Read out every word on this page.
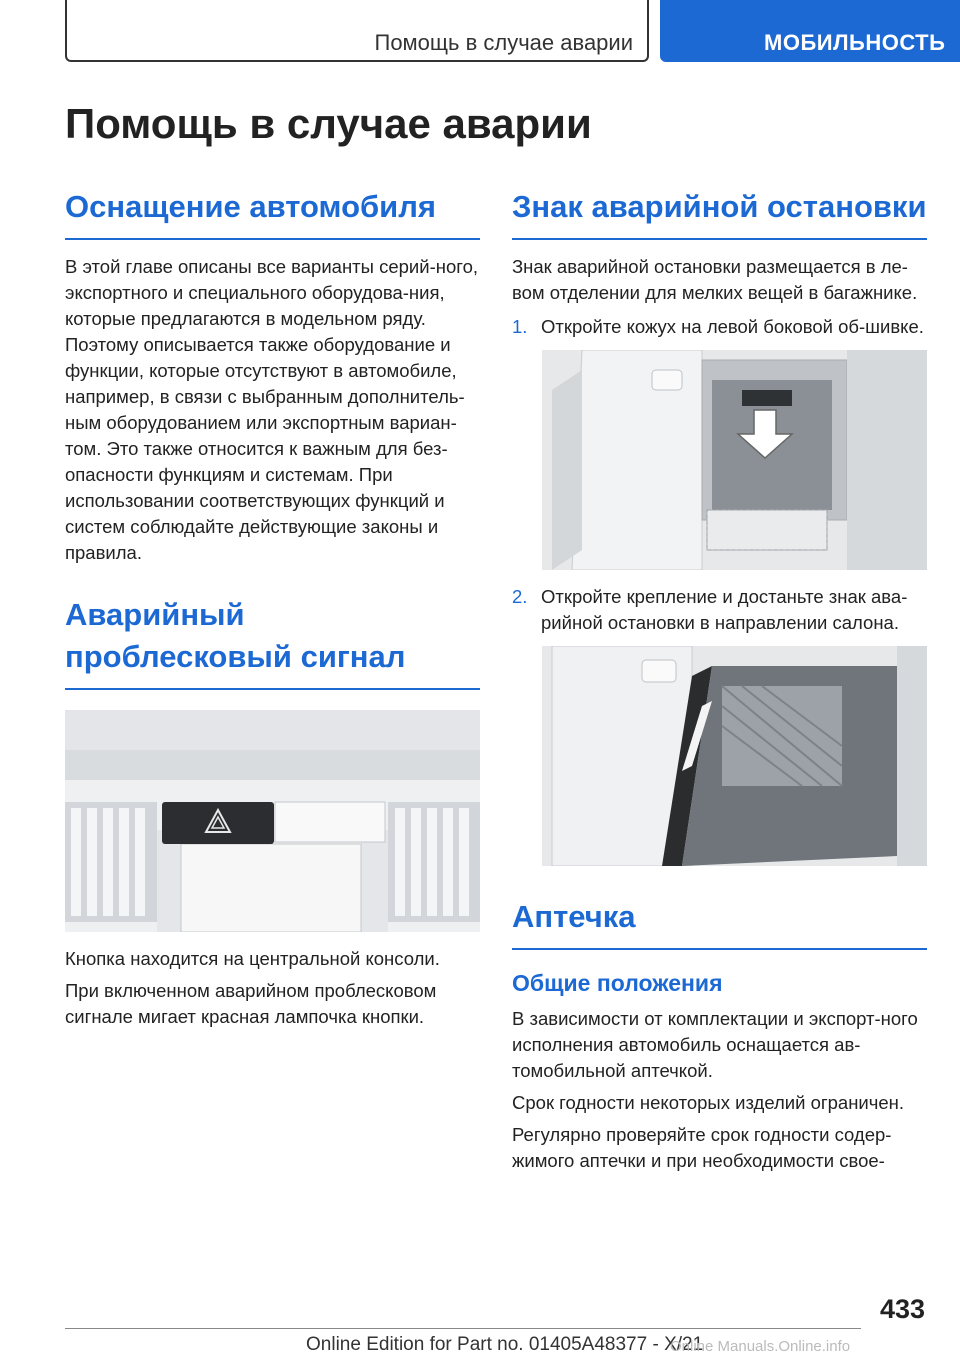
Помощь в случае аварии	МОБИЛЬНОСТЬ
Помощь в случае аварии
Оснащение автомобиля

В этой главе описаны все варианты серий-ного, экспортного и специального оборудова-ния, которые предлагаются в модельном ряду. Поэтому описывается также оборудование и функции, которые отсутствуют в автомобиле, например, в связи с выбранным дополнитель-ным оборудованием или экспортным вариан-том. Это также относится к важным для без-опасности функциям и системам. При использовании соответствующих функций и систем соблюдайте действующие законы и правила.

Аварийный проблесковый сигнал

Кнопка находится на центральной консоли.

При включенном аварийном проблесковом сигнале мигает красная лампочка кнопки.

Знак аварийной остановки

Знак аварийной остановки размещается в ле-вом отделении для мелких вещей в багажнике.

1. Откройте кожух на левой боковой об-шивке.
2. Откройте крепление и достаньте знак ава-рийной остановки в направлении салона.
Аптечка
Общие положения

В зависимости от комплектации и экспорт-ного исполнения автомобиль оснащается ав-томобильной аптечкой.

Срок годности некоторых изделий ограничен.

Регулярно проверяйте срок годности содер-жимого аптечки и при необходимости свое-

433
Online Edition for Part no. 01405A48377 - X/21
Online Manuals.Online.info
